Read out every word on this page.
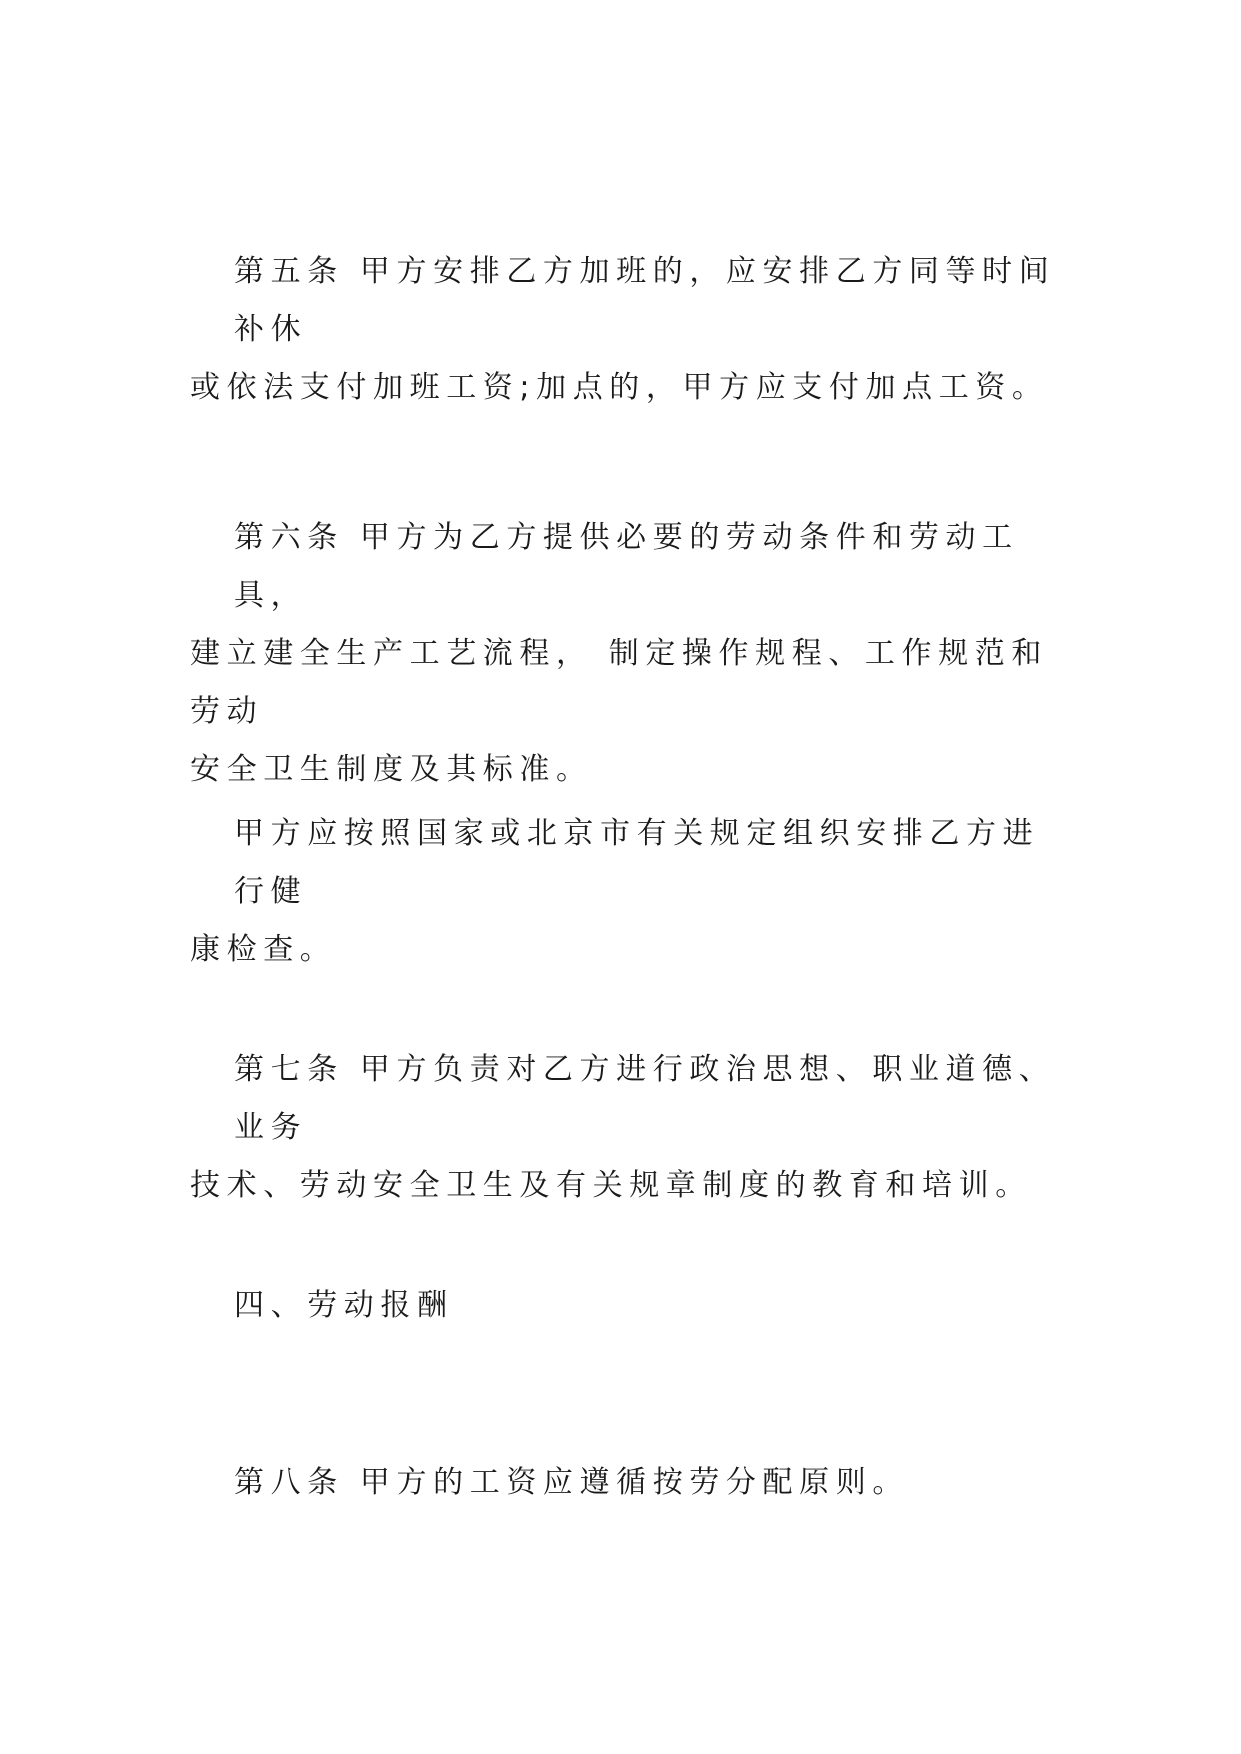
第五条 甲方安排乙方加班的，应安排乙方同等时间补休
或依法支付加班工资;加点的，甲方应支付加点工资。
第六条 甲方为乙方提供必要的劳动条件和劳动工具，
建立建全生产工艺流程， 制定操作规程、工作规范和劳动
安全卫生制度及其标准。
甲方应按照国家或北京市有关规定组织安排乙方进行健
康检查。
第七条 甲方负责对乙方进行政治思想、职业道德、业务
技术、劳动安全卫生及有关规章制度的教育和培训。
四、劳动报酬
第八条 甲方的工资应遵循按劳分配原则。
